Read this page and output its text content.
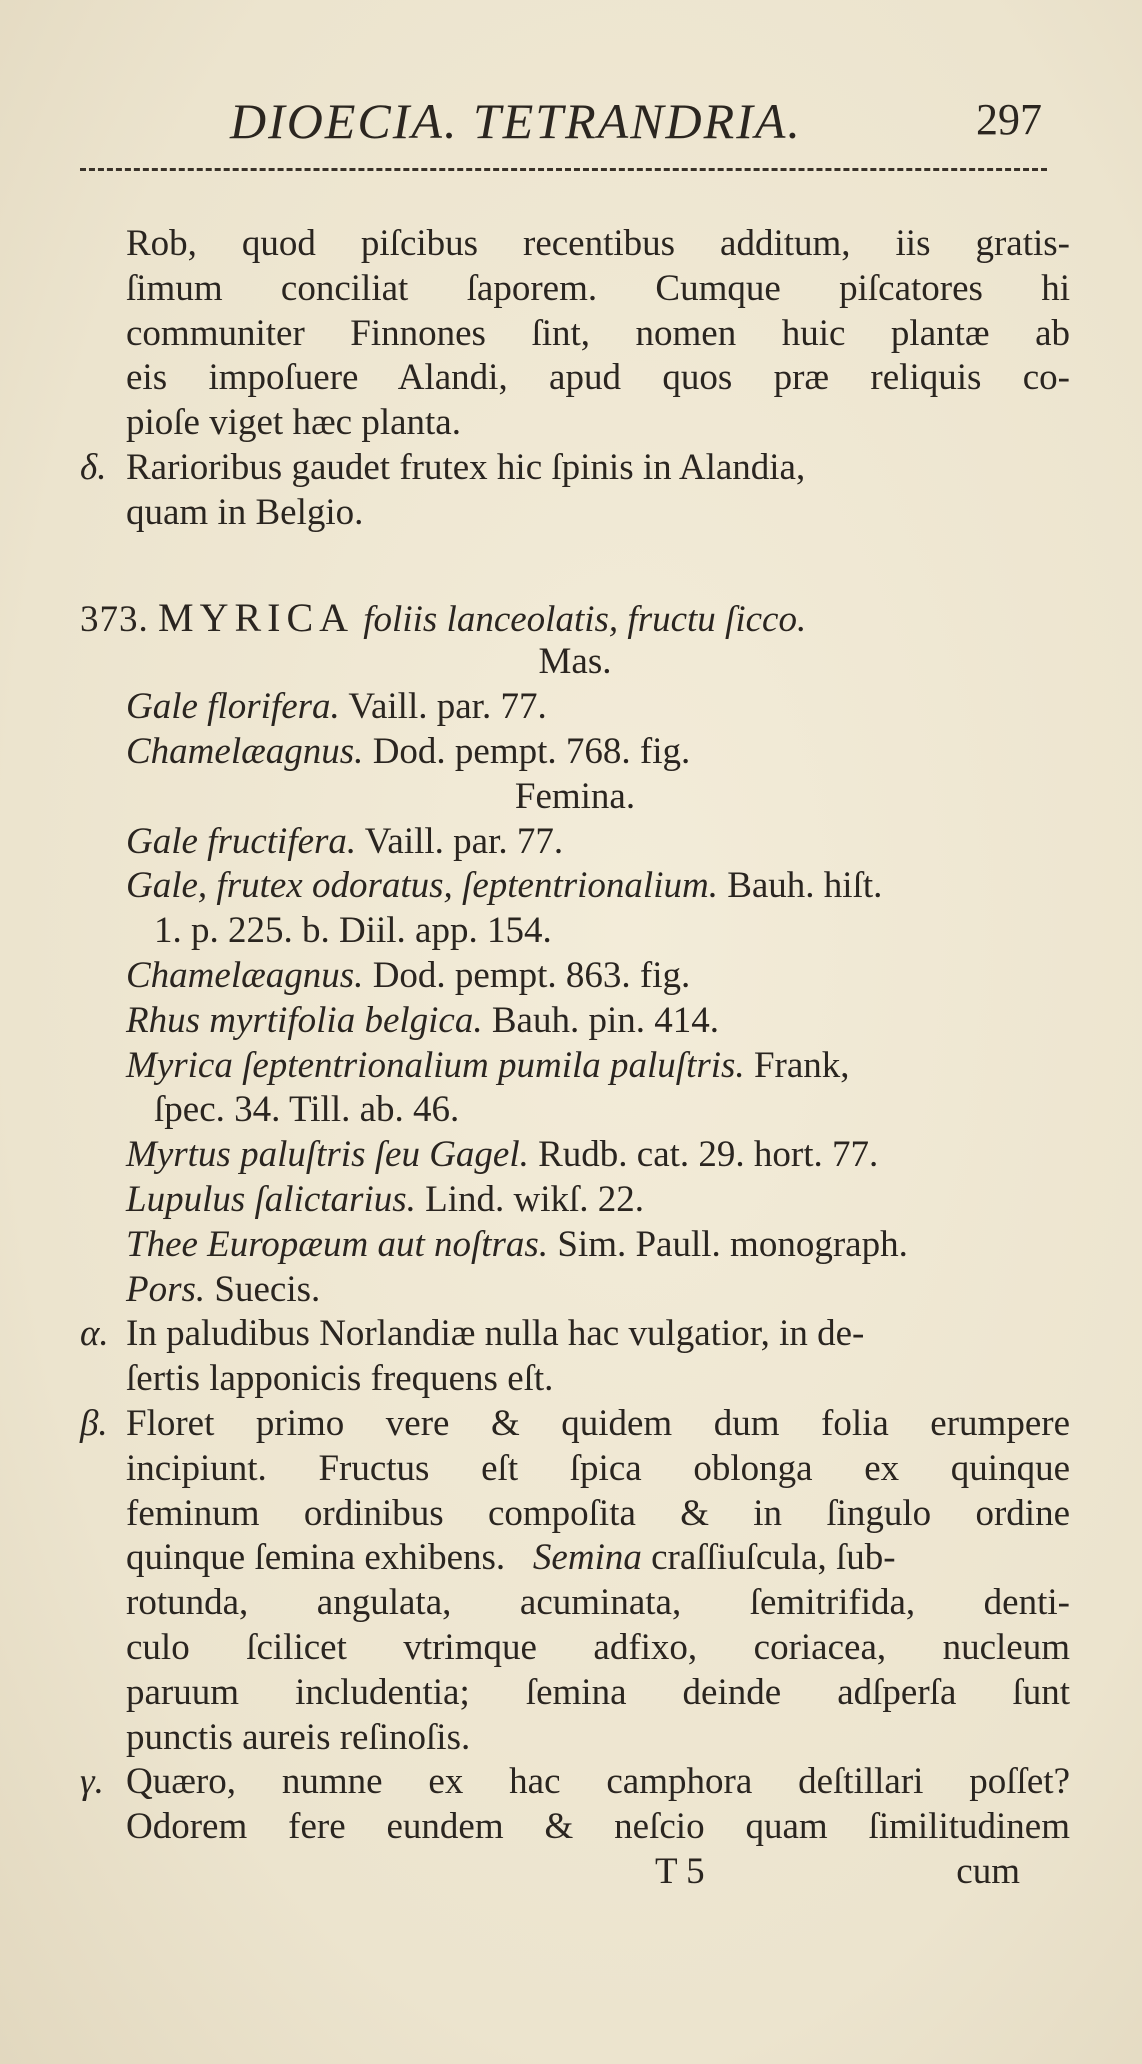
DIOECIA. TETRANDRIA.	297
Rob, quod piſcibus recentibus additum, iis gratis-
ſimum conciliat ſaporem. Cumque piſcatores hi
communiter Finnones ſint, nomen huic plantæ ab
eis impoſuere Alandi, apud quos præ reliquis co-
pioſe viget hæc planta.
δ. Rarioribus gaudet frutex hic ſpinis in Alandia,
quam in Belgio.
373. MYRICA foliis lanceolatis, fructu ſicco.
Mas.
Gale florifera. Vaill. par. 77.
Chamelæagnus. Dod. pempt. 768. fig.
Femina.
Gale fructifera. Vaill. par. 77.
Gale, frutex odoratus, ſeptentrionalium. Bauh. hiſt.
1. p. 225. b. Diil. app. 154.
Chamelæagnus. Dod. pempt. 863. fig.
Rhus myrtifolia belgica. Bauh. pin. 414.
Myrica ſeptentrionalium pumila paluſtris. Frank,
ſpec. 34. Till. ab. 46.
Myrtus paluſtris ſeu Gagel. Rudb. cat. 29. hort. 77.
Lupulus ſalictarius. Lind. wikſ. 22.
Thee Europæum aut noſtras. Sim. Paull. monograph.
Pors. Suecis.
α. In paludibus Norlandiæ nulla hac vulgatior, in de-
ſertis lapponicis frequens eſt.
β. Floret primo vere & quidem dum folia erumpere
incipiunt. Fructus eſt ſpica oblonga ex quinque
feminum ordinibus compoſita & in ſingulo ordine
quinque ſemina exhibens. Semina craſſiuſcula, ſub-
rotunda, angulata, acuminata, ſemitrifida, denti-
culo ſcilicet vtrimque adfixo, coriacea, nucleum
paruum includentia; ſemina deinde adſperſa ſunt
punctis aureis reſinoſis.
γ. Quæro, numne ex hac camphora deſtillari poſſet?
Odorem fere eundem & neſcio quam ſimilitudinem
T 5	cum
